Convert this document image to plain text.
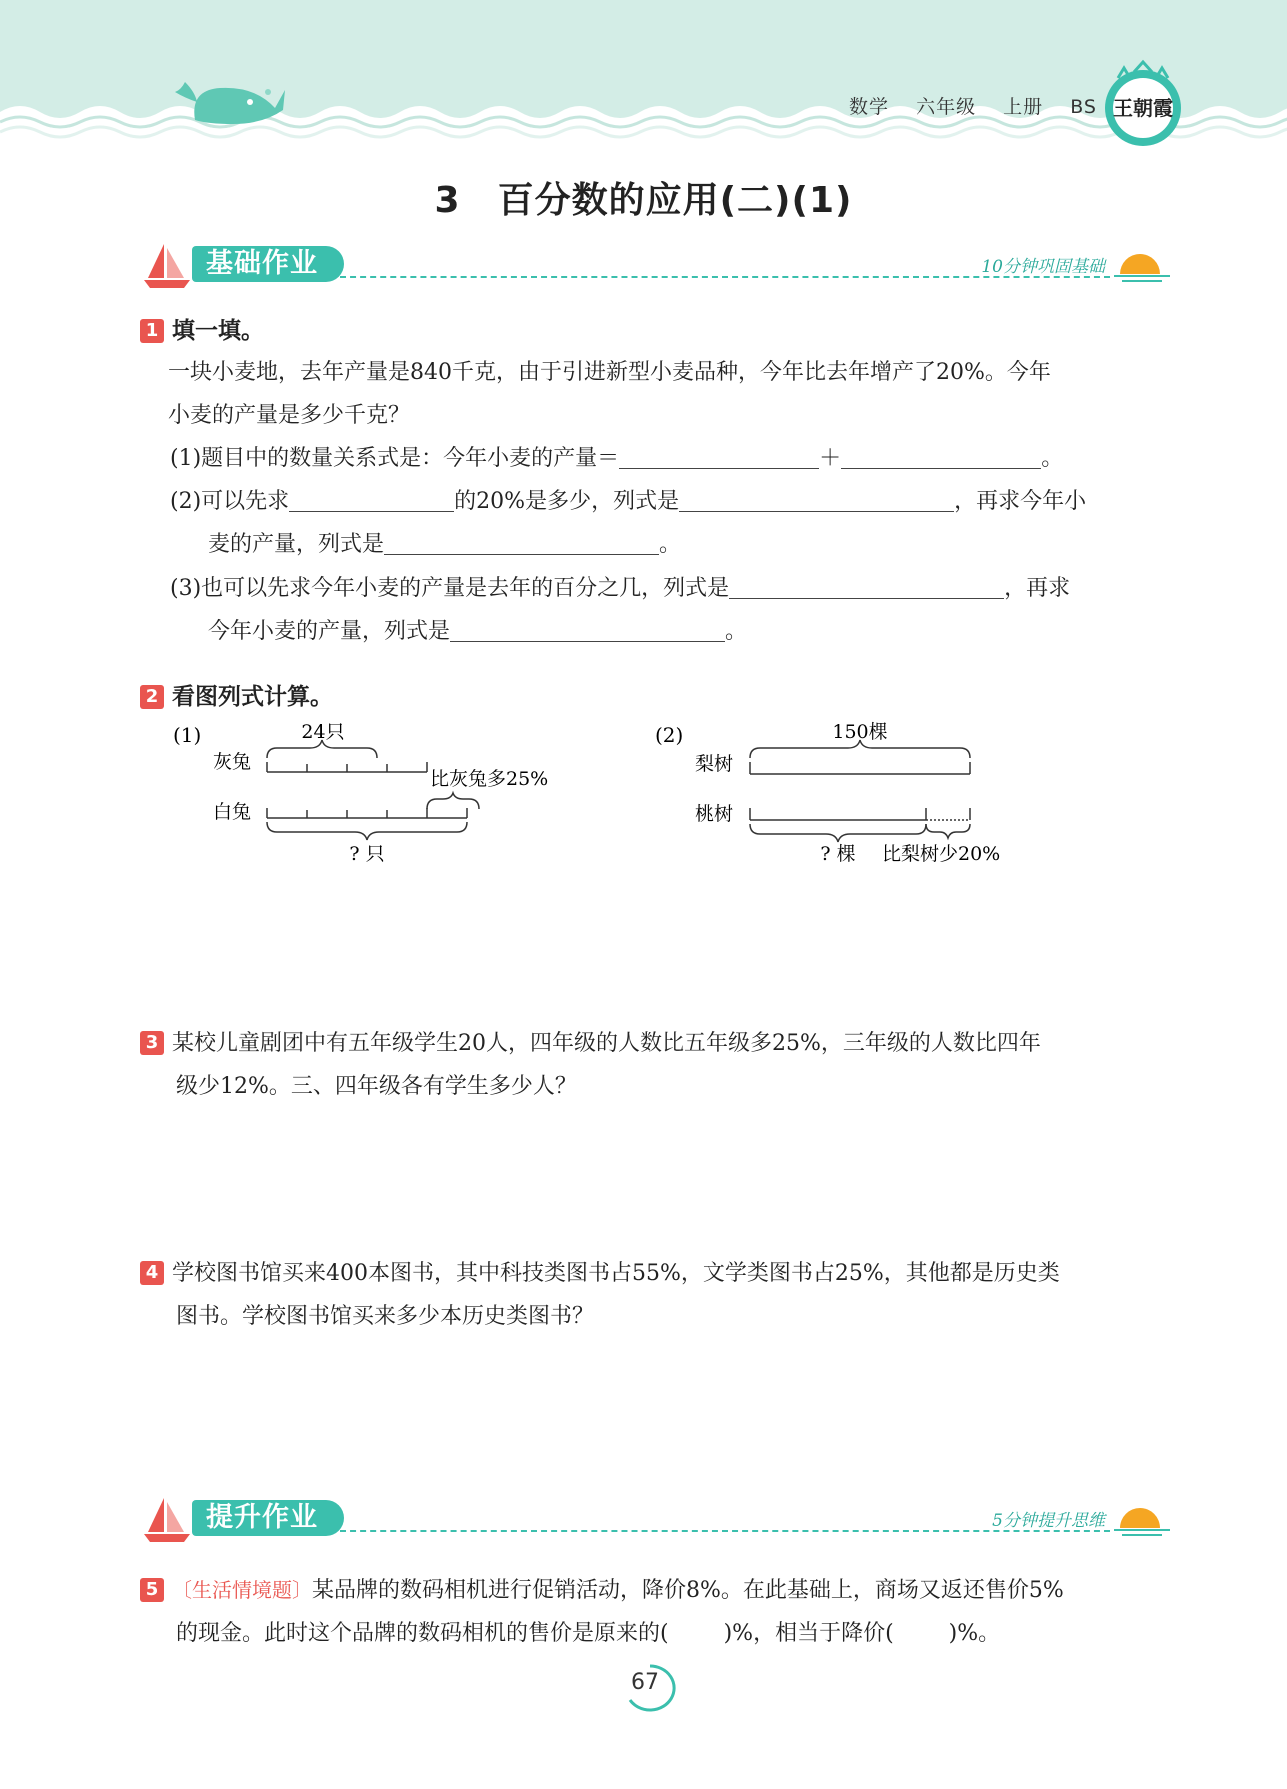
数学 六年级 上册 BS 王朝霞
3　百分数的应用(二)(1)
基础作业	10分钟巩固基础
1 填一填。
一块小麦地，去年产量是840千克，由于引进新型小麦品种，今年比去年增产了20%。今年
小麦的产量是多少千克？
(1)题目中的数量关系式是：今年小麦的产量＝	＋	。
(2)可以先求	的20%是多少，列式是	，再求今年小
麦的产量，列式是	。
(3)也可以先求今年小麦的产量是去年的百分之几，列式是	，再求
今年小麦的产量，列式是	。
2 看图列式计算。
(1)	24只
灰兔
比灰兔多25%
白兔
? 只
(2)	150棵
梨树
桃树
? 棵 比梨树少20%
3 某校儿童剧团中有五年级学生20人，四年级的人数比五年级多25%，三年级的人数比四年
级少12%。三、四年级各有学生多少人？
4 学校图书馆买来400本图书，其中科技类图书占55%，文学类图书占25%，其他都是历史类
图书。学校图书馆买来多少本历史类图书？
提升作业	5分钟提升思维
5 〔生活情境题〕某品牌的数码相机进行促销活动，降价8%。在此基础上，商场又返还售价5%
的现金。此时这个品牌的数码相机的售价是原来的(	)%，相当于降价(	)%。
67
